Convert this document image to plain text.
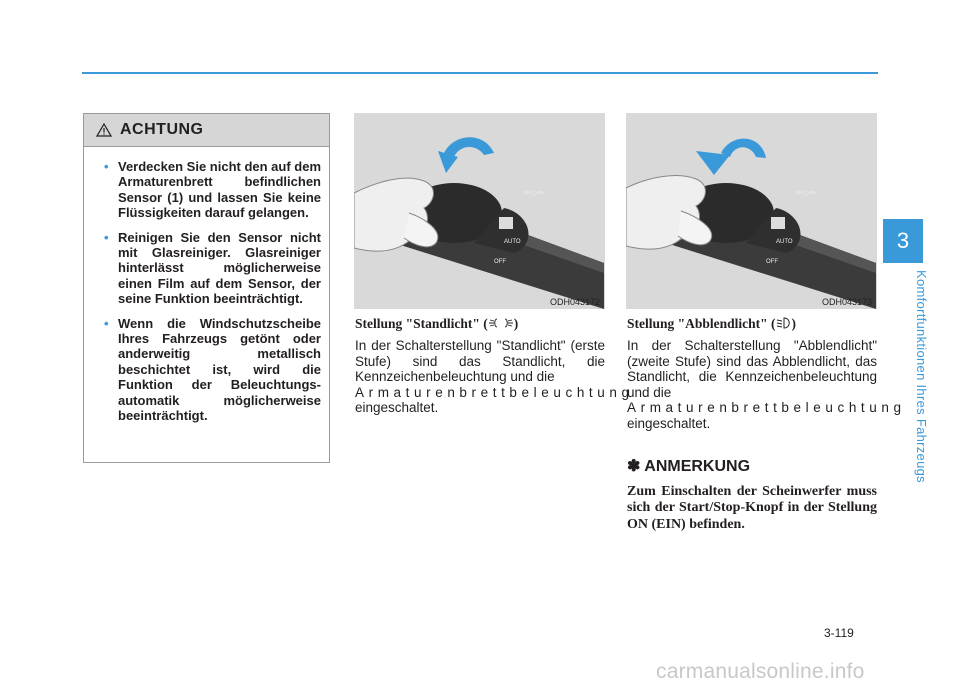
ACHTUNG
• Verdecken Sie nicht den auf dem Armaturenbrett befindlichen Sensor (1) und lassen Sie keine Flüssigkeiten darauf gelangen.
• Reinigen Sie den Sensor nicht mit Glasreiniger. Glasreiniger hinterlässt möglicherweise einen Film auf dem Sensor, der seine Funktion beeinträchtigt.
• Wenn die Windschutzscheibe Ihres Fahrzeugs getönt oder anderweitig metallisch beschichtet ist, wird die Funktion der Beleuchtungs-automatik möglicherweise beeinträchtigt.
⇐◇⇒
AUTO
OFF
ODH043172
⇐◇⇒
AUTO
OFF
ODH043173

Stellung "Standlicht" ( )

In der Schalterstellung "Standlicht" (erste Stufe) sind das Standlicht, die Kennzeichenbeleuchtung und die
Armaturenbrettbeleuchtung
eingeschaltet.

Stellung "Abblendlicht" ( )

In der Schalterstellung "Abblendlicht" (zweite Stufe) sind das Abblendlicht, das Standlicht, die Kennzeichenbeleuchtung und die
Armaturenbrettbeleuchtung
eingeschaltet.

✽ ANMERKUNG

Zum Einschalten der Scheinwerfer muss sich der Start/Stop-Knopf in der Stellung ON (EIN) befinden.

3
Komfortfunktionen Ihres Fahrzeugs
3-119
carmanualsonline.info
